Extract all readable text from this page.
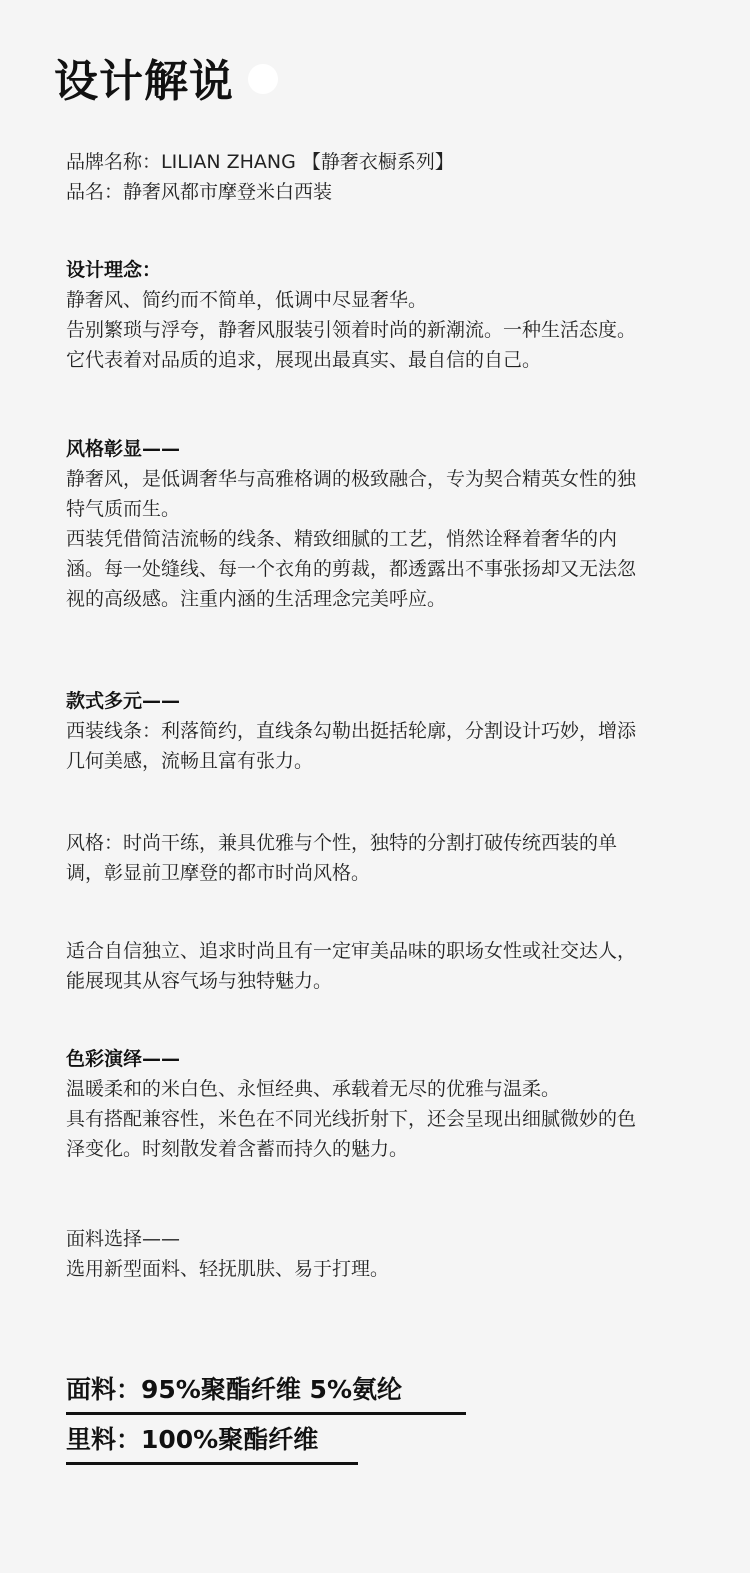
设计解说
品牌名称：LILIAN ZHANG 【静奢衣橱系列】
品名：静奢风都市摩登米白西装
设计理念：
静奢风、简约而不简单，低调中尽显奢华。
告别繁琐与浮夸，静奢风服装引领着时尚的新潮流。一种生活态度。
它代表着对品质的追求，展现出最真实、最自信的自己。
风格彰显——
静奢风，是低调奢华与高雅格调的极致融合，专为契合精英女性的独
特气质而生。
西装凭借简洁流畅的线条、精致细腻的工艺，悄然诠释着奢华的内
涵。每一处缝线、每一个衣角的剪裁，都透露出不事张扬却又无法忽
视的高级感。注重内涵的生活理念完美呼应。
款式多元——
西装线条：利落简约，直线条勾勒出挺括轮廓，分割设计巧妙，增添
几何美感，流畅且富有张力。
风格：时尚干练，兼具优雅与个性，独特的分割打破传统西装的单
调，彰显前卫摩登的都市时尚风格。
适合自信独立、追求时尚且有一定审美品味的职场女性或社交达人，
能展现其从容气场与独特魅力。
色彩演绎——
温暖柔和的米白色、永恒经典、承载着无尽的优雅与温柔。
具有搭配兼容性，米色在不同光线折射下，还会呈现出细腻微妙的色
泽变化。时刻散发着含蓄而持久的魅力。
面料选择——
选用新型面料、轻抚肌肤、易于打理。
面料：95%聚酯纤维 5%氨纶
里料：100%聚酯纤维
